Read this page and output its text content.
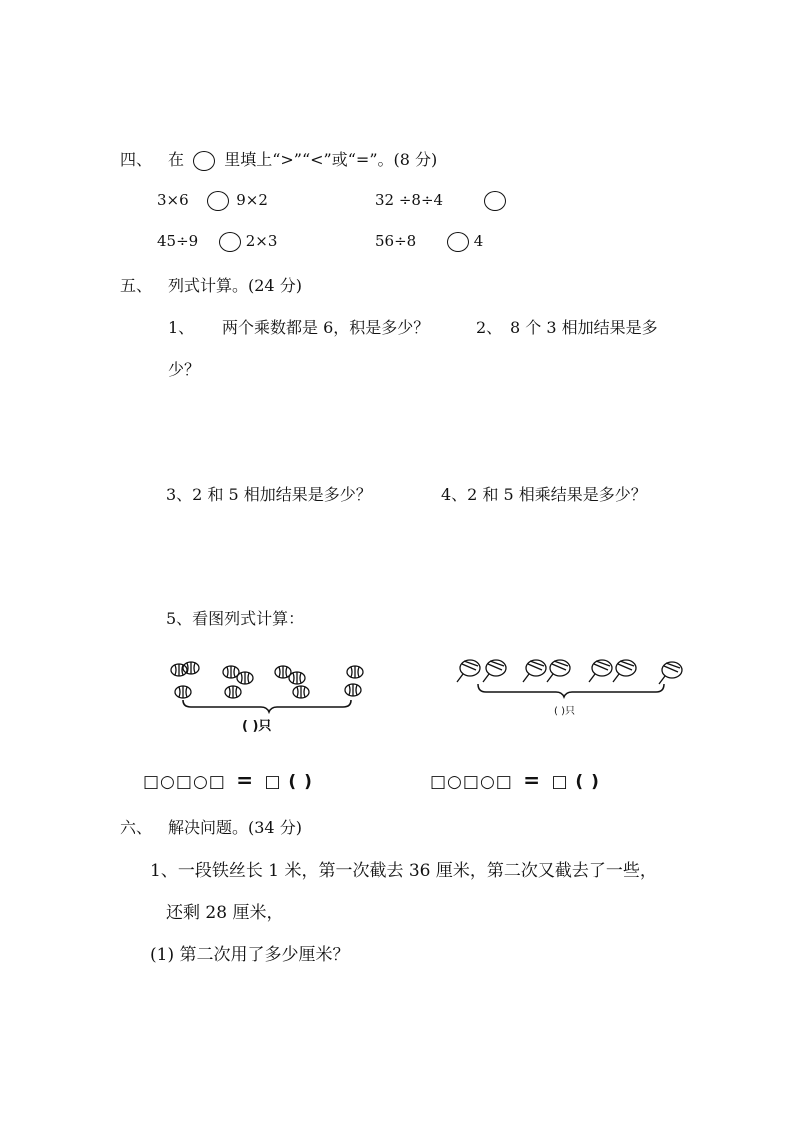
四、 在	里填上“>”“<”或“=”。(8 分)
3×6	9×2	32 ÷8÷4
45÷9	2×3	56÷8	4
五、 列式计算。(24 分)
1、 两个乘数都是 6，积是多少？	2、 8 个 3 相加结果是多
少？
3、2 和 5 相加结果是多少？	4、2 和 5 相乘结果是多少？
5、看图列式计算：
( )只
( )只
□○□○□ = □ ( )	□○□○□ = □ ( )
六、 解决问题。(34 分)
1、一段铁丝长 1 米，第一次截去 36 厘米，第二次又截去了一些，
还剩 28 厘米，
(1) 第二次用了多少厘米？
